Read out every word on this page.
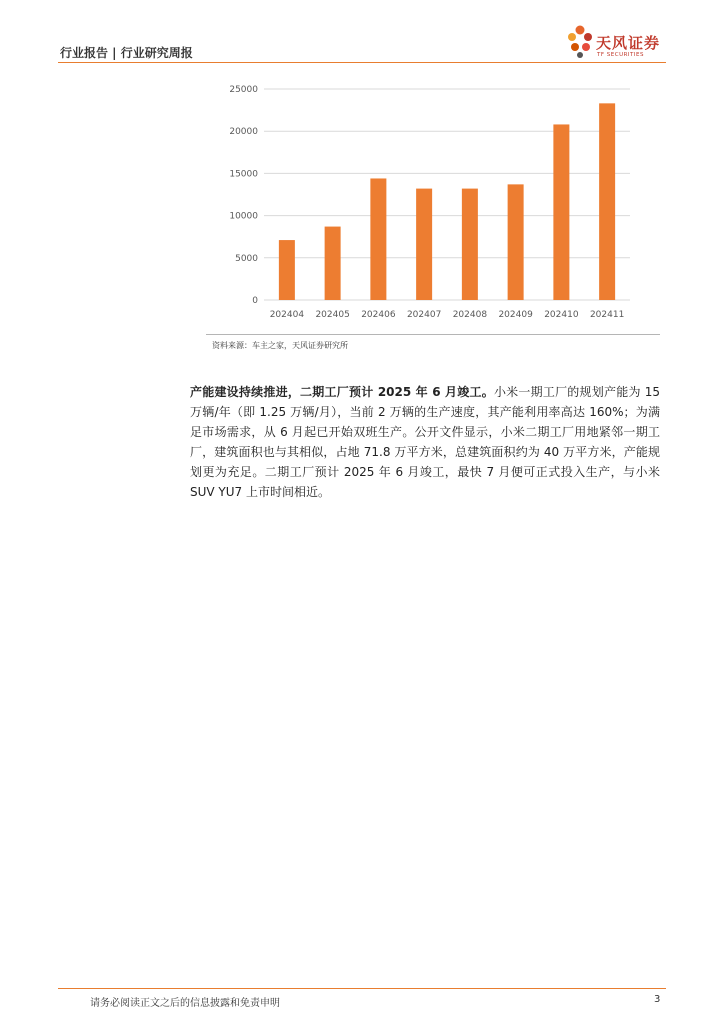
行业报告 | 行业研究周报
天风证券
TF SECURITIES
0
5000
10000
15000
20000
25000
202404 202405 202406 202407 202408 202409 202410 202411
资料来源：车主之家，天风证券研究所
产能建设持续推进，二期工厂预计 2025 年 6 月竣工。小米一期工厂的规划产能为 15 万辆/年（即 1.25 万辆/月），当前 2 万辆的生产速度，其产能利用率高达 160%；为满足市场需求，从 6 月起已开始双班生产。公开文件显示，小米二期工厂用地紧邻一期工厂，建筑面积也与其相似，占地 71.8 万平方米，总建筑面积约为 40 万平方米，产能规划更为充足。二期工厂预计 2025 年 6 月竣工，最快 7 月便可正式投入生产，与小米 SUV YU7 上市时间相近。
请务必阅读正文之后的信息披露和免责申明	3
